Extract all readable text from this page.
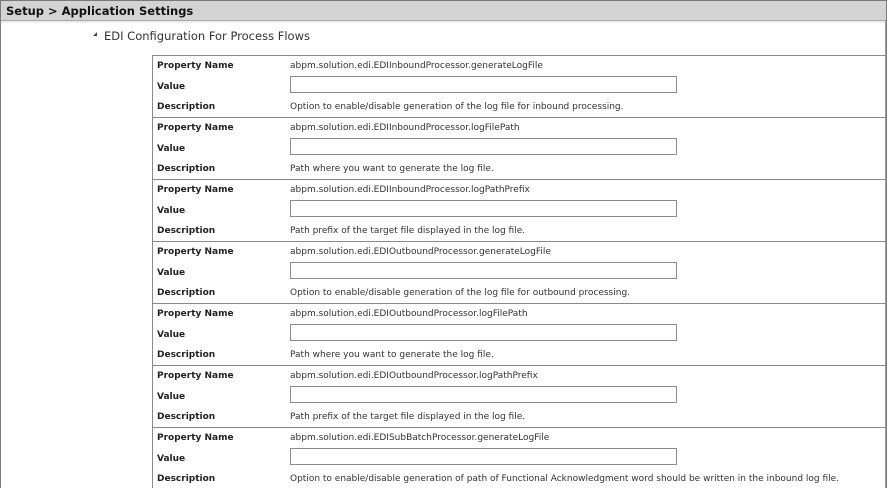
Setup > Application Settings
EDI Configuration For Process Flows
Property Name	abpm.solution.edi.EDIInboundProcessor.generateLogFile
Value
Description	Option to enable/disable generation of the log file for inbound processing.
Property Name	abpm.solution.edi.EDIInboundProcessor.logFilePath
Value
Description	Path where you want to generate the log file.
Property Name	abpm.solution.edi.EDIInboundProcessor.logPathPrefix
Value
Description	Path prefix of the target file displayed in the log file.
Property Name	abpm.solution.edi.EDIOutboundProcessor.generateLogFile
Value
Description	Option to enable/disable generation of the log file for outbound processing.
Property Name	abpm.solution.edi.EDIOutboundProcessor.logFilePath
Value
Description	Path where you want to generate the log file.
Property Name	abpm.solution.edi.EDIOutboundProcessor.logPathPrefix
Value
Description	Path prefix of the target file displayed in the log file.
Property Name	abpm.solution.edi.EDISubBatchProcessor.generateLogFile
Value
Description	Option to enable/disable generation of path of Functional Acknowledgment word should be written in the inbound log file.
